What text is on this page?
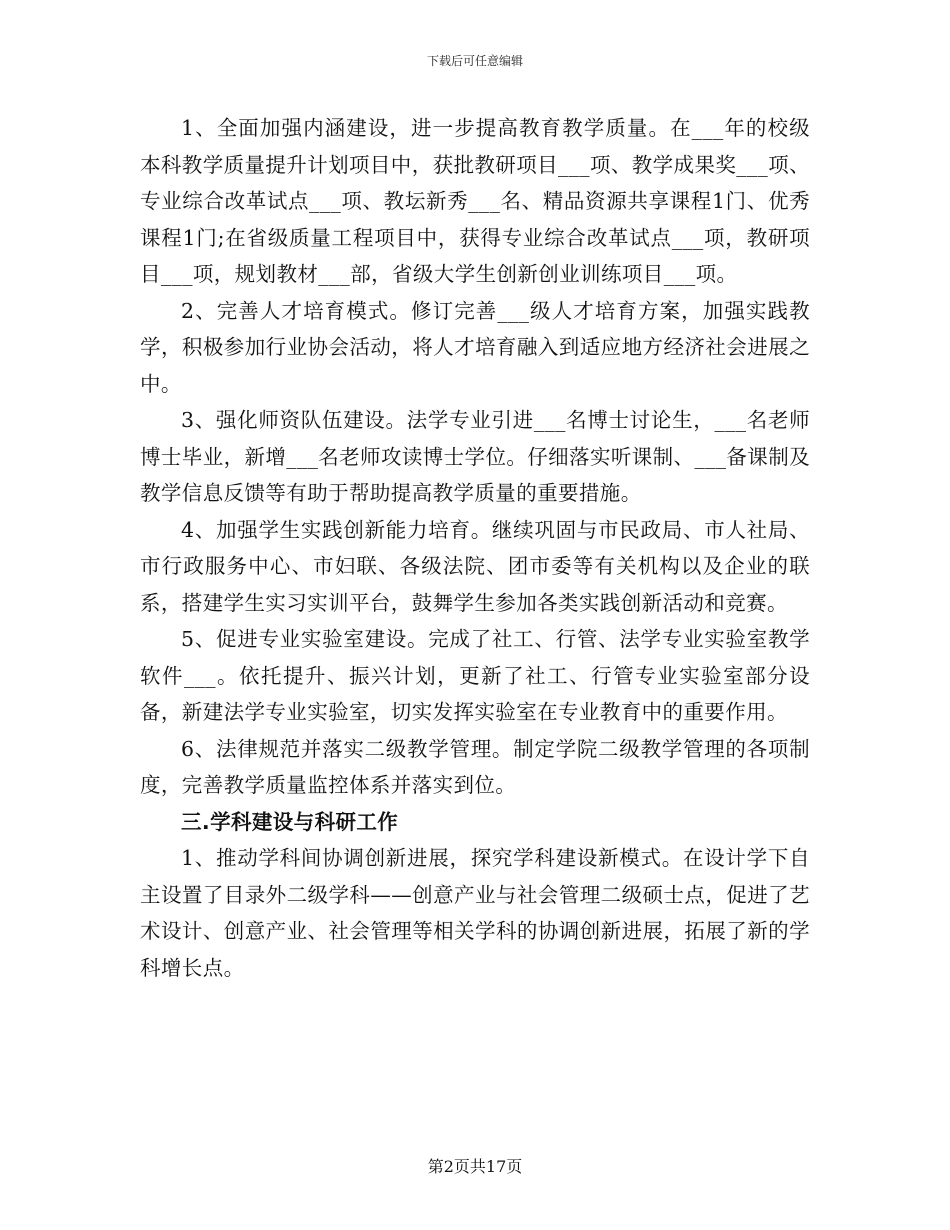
下载后可任意编辑

1、全面加强内涵建设，进一步提高教育教学质量。在___年的校级本科教学质量提升计划项目中，获批教研项目___项、教学成果奖___项、专业综合改革试点___项、教坛新秀___名、精品资源共享课程1门、优秀课程1门;在省级质量工程项目中，获得专业综合改革试点___项，教研项目___项，规划教材___部，省级大学生创新创业训练项目___项。

2、完善人才培育模式。修订完善___级人才培育方案，加强实践教学，积极参加行业协会活动，将人才培育融入到适应地方经济社会进展之中。

3、强化师资队伍建设。法学专业引进___名博士讨论生，___名老师博士毕业，新增___名老师攻读博士学位。仔细落实听课制、___备课制及教学信息反馈等有助于帮助提高教学质量的重要措施。

4、加强学生实践创新能力培育。继续巩固与市民政局、市人社局、市行政服务中心、市妇联、各级法院、团市委等有关机构以及企业的联系，搭建学生实习实训平台，鼓舞学生参加各类实践创新活动和竞赛。

5、促进专业实验室建设。完成了社工、行管、法学专业实验室教学软件___。依托提升、振兴计划，更新了社工、行管专业实验室部分设备，新建法学专业实验室，切实发挥实验室在专业教育中的重要作用。

6、法律规范并落实二级教学管理。制定学院二级教学管理的各项制度，完善教学质量监控体系并落实到位。

三.学科建设与科研工作

1、推动学科间协调创新进展，探究学科建设新模式。在设计学下自主设置了目录外二级学科——创意产业与社会管理二级硕士点，促进了艺术设计、创意产业、社会管理等相关学科的协调创新进展，拓展了新的学科增长点。

第2页共17页
